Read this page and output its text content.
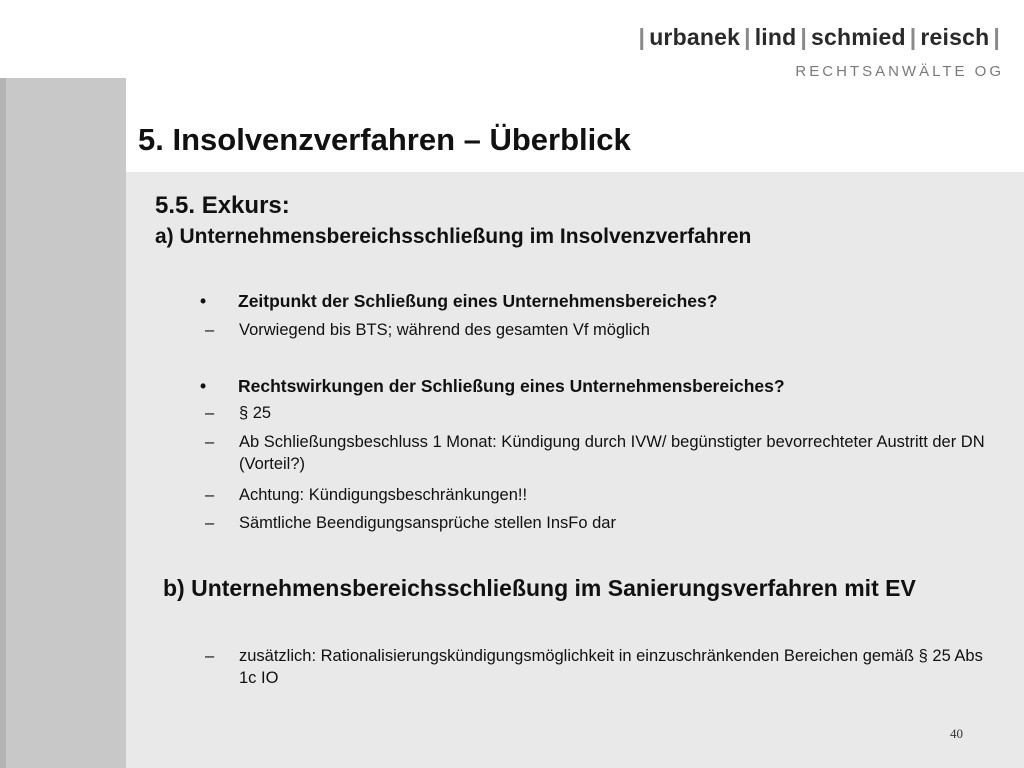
| urbanek | lind | schmied | reisch |
RECHTSANWÄLTE OG
5. Insolvenzverfahren – Überblick
5.5. Exkurs:
a) Unternehmensbereichsschließung im Insolvenzverfahren
• Zeitpunkt der Schließung eines Unternehmensbereiches?
–	Vorwiegend bis BTS; während des gesamten Vf möglich
• Rechtswirkungen der Schließung eines Unternehmensbereiches?
–	§ 25
–	Ab Schließungsbeschluss 1 Monat: Kündigung durch IVW/ begünstigter bevorrechteter Austritt der DN (Vorteil?)
–	Achtung: Kündigungsbeschränkungen!!
–	Sämtliche Beendigungsansprüche stellen InsFo dar
b) Unternehmensbereichsschließung im Sanierungsverfahren mit EV
–	zusätzlich: Rationalisierungskündigungsmöglichkeit in einzuschränkenden Bereichen gemäß § 25 Abs 1c IO
40
